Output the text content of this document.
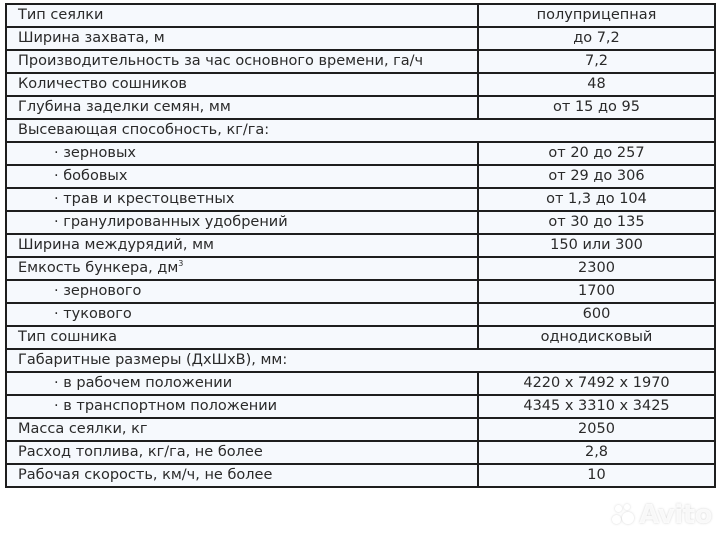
Тип сеялки	полуприцепная
Ширина захвата, м	до 7,2
Производительность за час основного времени, га/ч	7,2
Количество сошников	48
Глубина заделки семян, мм	от 15 до 95
Высевающая способность, кг/га:	
· зерновых	от 20 до 257
· бобовых	от 29 до 306
· трав и крестоцветных	от 1,3 до 104
· гранулированных удобрений	от 30 до 135
Ширина междурядий, мм	150 или 300
Емкость бункера, $дм^3$	2300
· зернового	1700
· тукового	600
Тип сошника	однодисковый
Габаритные размеры (ДхШхВ), мм:	
· в рабочем положении	4220 х 7492 х 1970
· в транспортном положении	4345 х 3310 х 3425
Масса сеялки, кг	2050
Расход топлива, кг/га, не более	2,8
Рабочая скорость, км/ч, не более	10
Avito
